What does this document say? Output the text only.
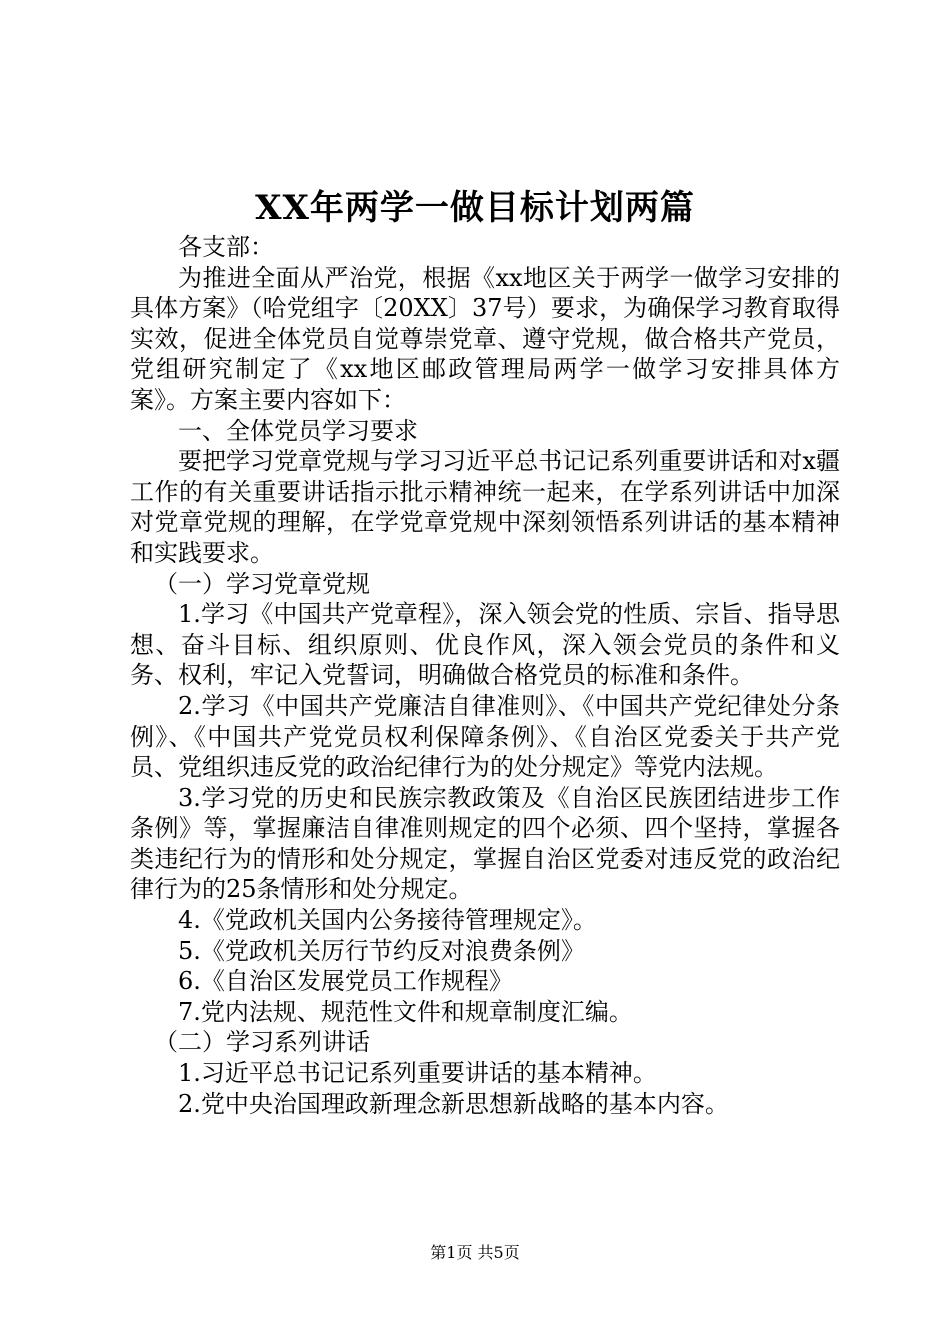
XX年两学一做目标计划两篇

各支部：

为推进全面从严治党，根据《xx地区关于两学一做学习安排的具体方案》（哈党组字〔20XX〕37号）要求，为确保学习教育取得实效，促进全体党员自觉尊崇党章、遵守党规，做合格共产党员，党组研究制定了《xx地区邮政管理局两学一做学习安排具体方案》。方案主要内容如下：

一、全体党员学习要求

要把学习党章党规与学习习近平总书记记系列重要讲话和对x疆工作的有关重要讲话指示批示精神统一起来，在学系列讲话中加深对党章党规的理解，在学党章党规中深刻领悟系列讲话的基本精神和实践要求。

（一）学习党章党规

1.学习《中国共产党章程》，深入领会党的性质、宗旨、指导思想、奋斗目标、组织原则、优良作风，深入领会党员的条件和义务、权利，牢记入党誓词，明确做合格党员的标准和条件。

2.学习《中国共产党廉洁自律准则》、《中国共产党纪律处分条例》、《中国共产党党员权利保障条例》、《自治区党委关于共产党员、党组织违反党的政治纪律行为的处分规定》等党内法规。

3.学习党的历史和民族宗教政策及《自治区民族团结进步工作条例》等，掌握廉洁自律准则规定的四个必须、四个坚持，掌握各类违纪行为的情形和处分规定，掌握自治区党委对违反党的政治纪律行为的25条情形和处分规定。

4.《党政机关国内公务接待管理规定》。

5.《党政机关厉行节约反对浪费条例》

6.《自治区发展党员工作规程》

7.党内法规、规范性文件和规章制度汇编。

（二）学习系列讲话

1.习近平总书记记系列重要讲话的基本精神。

2.党中央治国理政新理念新思想新战略的基本内容。

第1页 共5页
